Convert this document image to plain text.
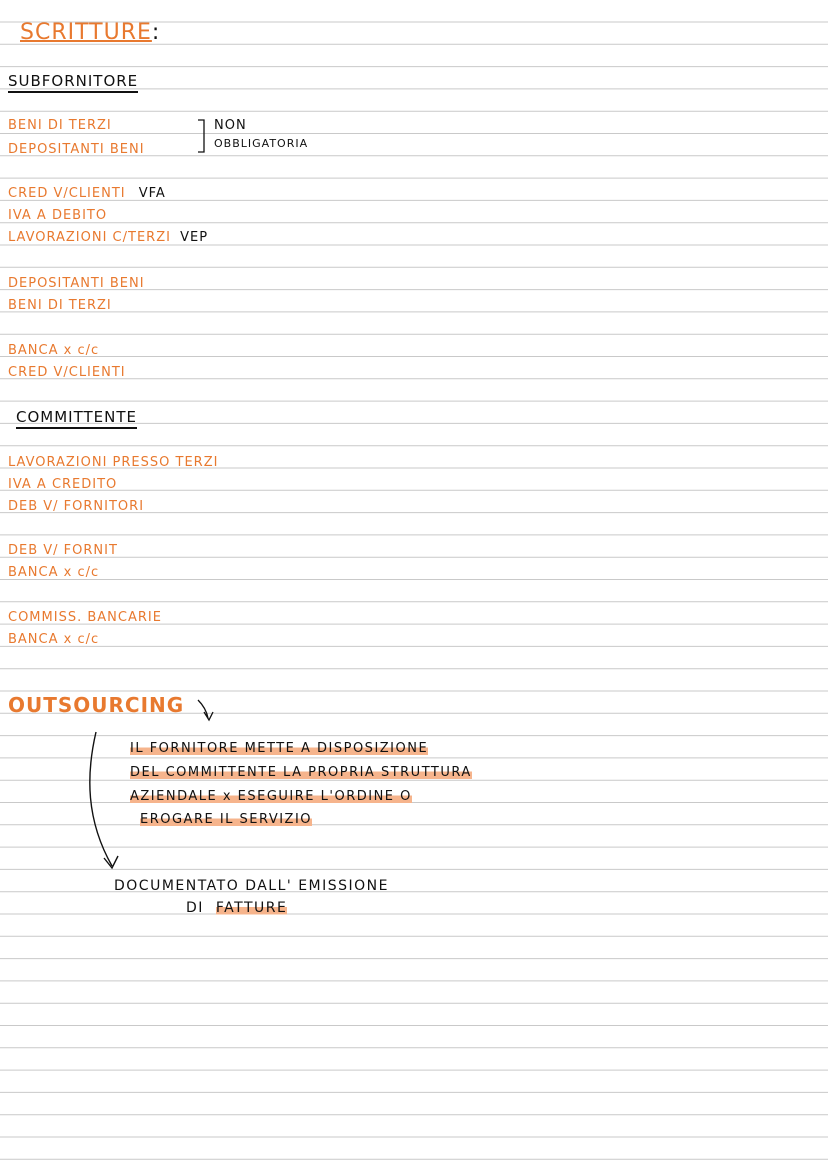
SCRITTURE:
SUBFORNITORE
BENI DI TERZI
DEPOSITANTI BENI
NON
OBBLIGATORIA
CRED V/CLIENTI VFA
IVA A DEBITO
LAVORAZIONI C/TERZI VEP
DEPOSITANTI BENI
BENI DI TERZI
BANCA x c/c
CRED V/CLIENTI
COMMITTENTE
LAVORAZIONI PRESSO TERZI
IVA A CREDITO
DEB V/ FORNITORI
DEB V/ FORNIT
BANCA x c/c
COMMISS. BANCARIE
BANCA x c/c
OUTSOURCING
IL FORNITORE METTE A DISPOSIZIONE
DEL COMMITTENTE LA PROPRIA STRUTTURA
AZIENDALE x ESEGUIRE L'ORDINE O
EROGARE IL SERVIZIO
DOCUMENTATO DALL' EMISSIONE
DI FATTURE
